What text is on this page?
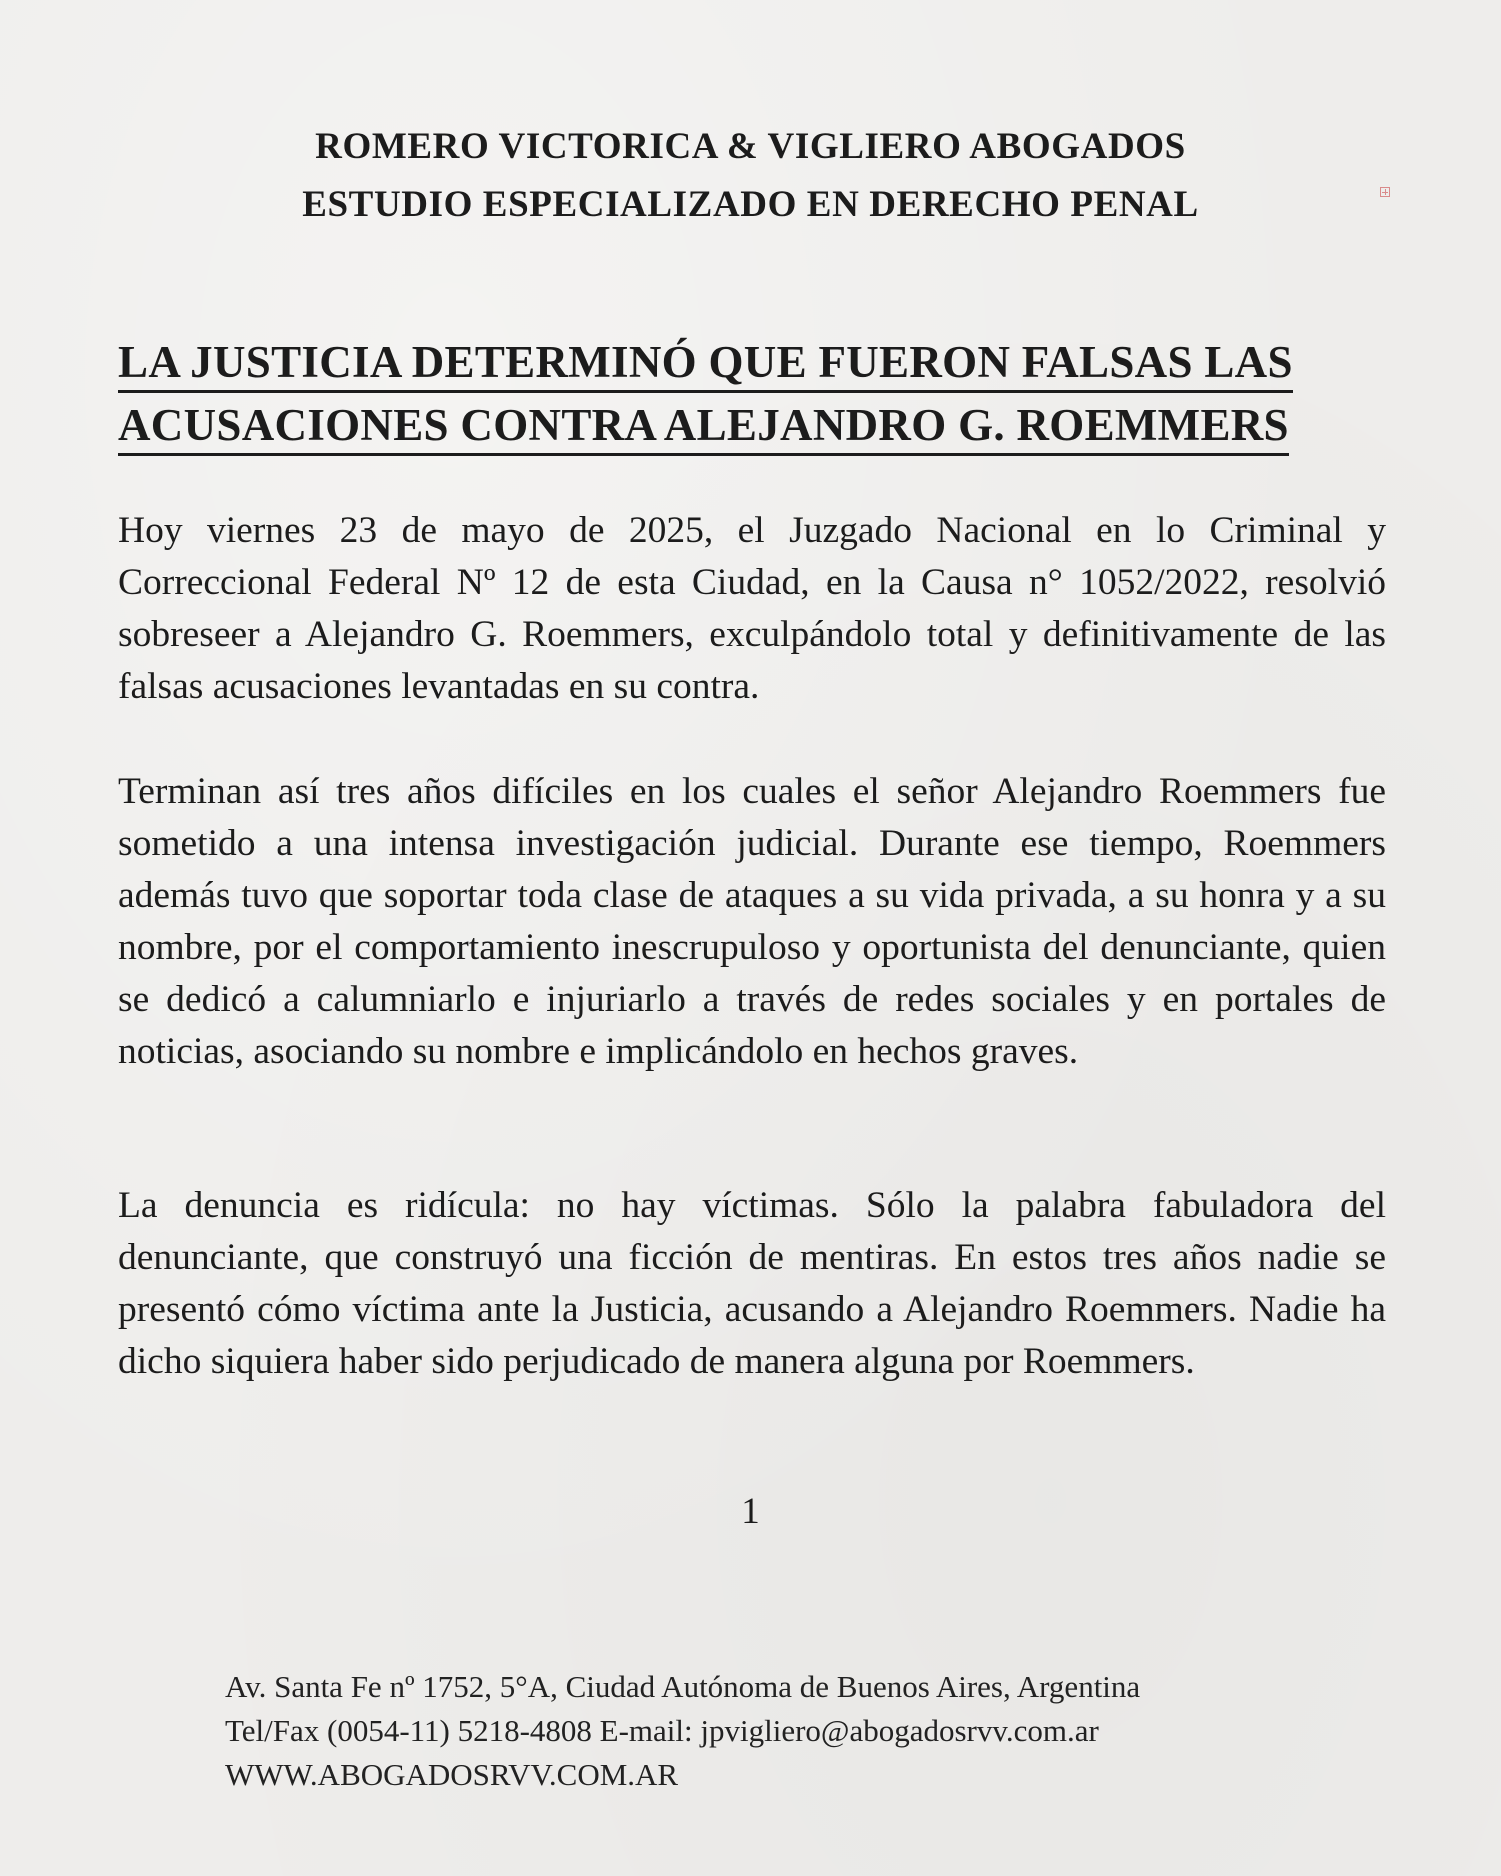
ROMERO VICTORICA & VIGLIERO ABOGADOS
ESTUDIO ESPECIALIZADO EN DERECHO PENAL
LA JUSTICIA DETERMINÓ QUE FUERON FALSAS LAS
ACUSACIONES CONTRA ALEJANDRO G. ROEMMERS
Hoy viernes 23 de mayo de 2025, el Juzgado Nacional en lo Criminal y Correccional Federal Nº 12 de esta Ciudad, en la Causa n° 1052/2022, resolvió sobreseer a Alejandro G. Roemmers, exculpándolo total y definitivamente de las falsas acusaciones levantadas en su contra.
Terminan así tres años difíciles en los cuales el señor Alejandro Roemmers fue sometido a una intensa investigación judicial. Durante ese tiempo, Roemmers además tuvo que soportar toda clase de ataques a su vida privada, a su honra y a su nombre, por el comportamiento inescrupuloso y oportunista del denunciante, quien se dedicó a calumniarlo e injuriarlo a través de redes sociales y en portales de noticias, asociando su nombre e implicándolo en hechos graves.
La denuncia es ridícula: no hay víctimas. Sólo la palabra fabuladora del denunciante, que construyó una ficción de mentiras. En estos tres años nadie se presentó cómo víctima ante la Justicia, acusando a Alejandro Roemmers. Nadie ha dicho siquiera haber sido perjudicado de manera alguna por Roemmers.
1
Av. Santa Fe nº 1752, 5°A, Ciudad Autónoma de Buenos Aires, Argentina
Tel/Fax (0054-11) 5218-4808 E-mail: jpvigliero@abogadosrvv.com.ar
WWW.ABOGADOSRVV.COM.AR
